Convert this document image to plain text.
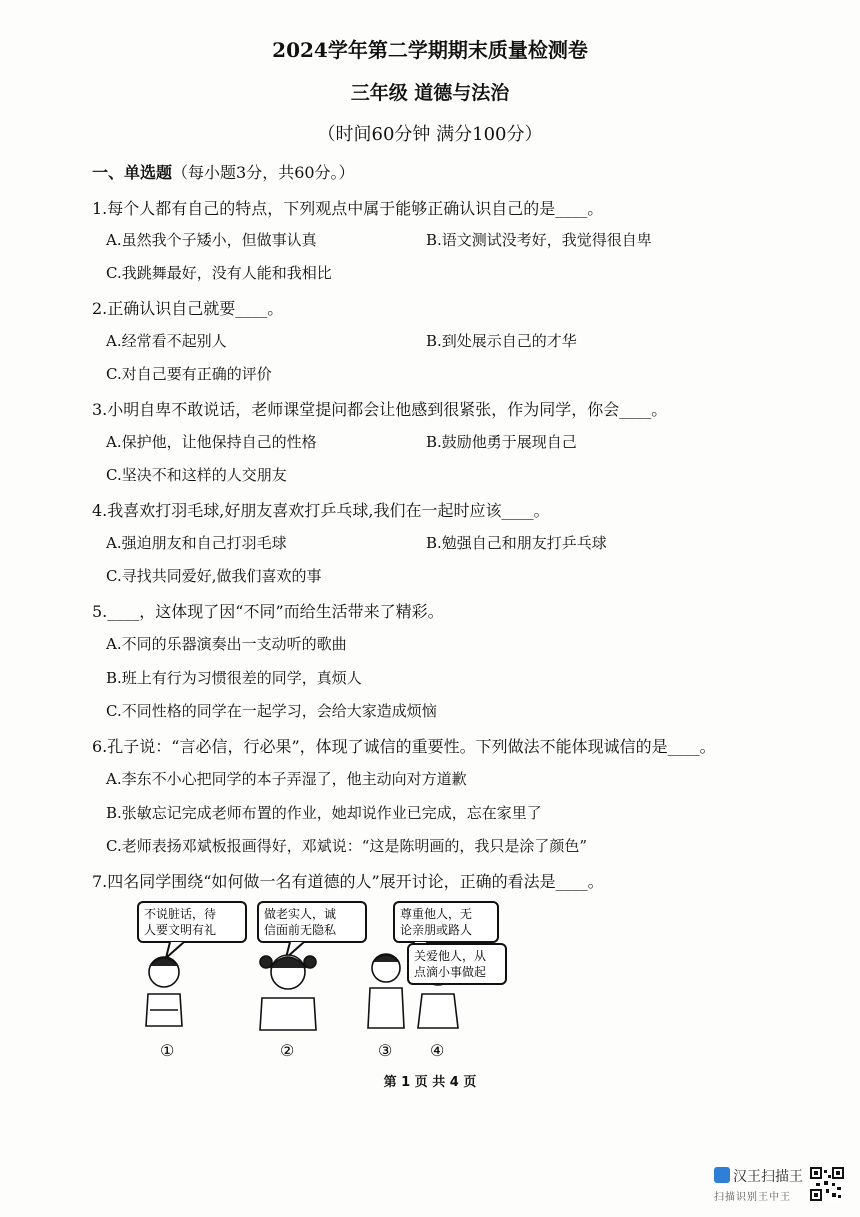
2024学年第二学期期末质量检测卷
三年级 道德与法治
（时间60分钟 满分100分）
一、单选题（每小题3分，共60分。）
1.每个人都有自己的特点，下列观点中属于能够正确认识自己的是____。
A.虽然我个子矮小，但做事认真	B.语文测试没考好，我觉得很自卑
C.我跳舞最好，没有人能和我相比
2.正确认识自己就要____。
A.经常看不起别人	B.到处展示自己的才华
C.对自己要有正确的评价
3.小明自卑不敢说话，老师课堂提问都会让他感到很紧张，作为同学，你会____。
A.保护他，让他保持自己的性格	B.鼓励他勇于展现自己
C.坚决不和这样的人交朋友
4.我喜欢打羽毛球,好朋友喜欢打乒乓球,我们在一起时应该____。
A.强迫朋友和自己打羽毛球	B.勉强自己和朋友打乒乓球
C.寻找共同爱好,做我们喜欢的事
5.____，这体现了因“不同”而给生活带来了精彩。
A.不同的乐器演奏出一支动听的歌曲
B.班上有行为习惯很差的同学，真烦人
C.不同性格的同学在一起学习，会给大家造成烦恼
6.孔子说：“言必信，行必果”，体现了诚信的重要性。下列做法不能体现诚信的是____。
A.李东不小心把同学的本子弄湿了，他主动向对方道歉
B.张敏忘记完成老师布置的作业，她却说作业已完成，忘在家里了
C.老师表扬邓斌板报画得好，邓斌说：“这是陈明画的，我只是涂了颜色”
7.四名同学围绕“如何做一名有道德的人”展开讨论，正确的看法是____。
不说脏话，待人要文明有礼
做老实人，诚信面前无隐私
尊重他人，无论亲朋或路人
关爱他人，从点滴小事做起
①	②	③ ④
第 1 页 共 4 页
汉王扫描王
扫描识别王中王
